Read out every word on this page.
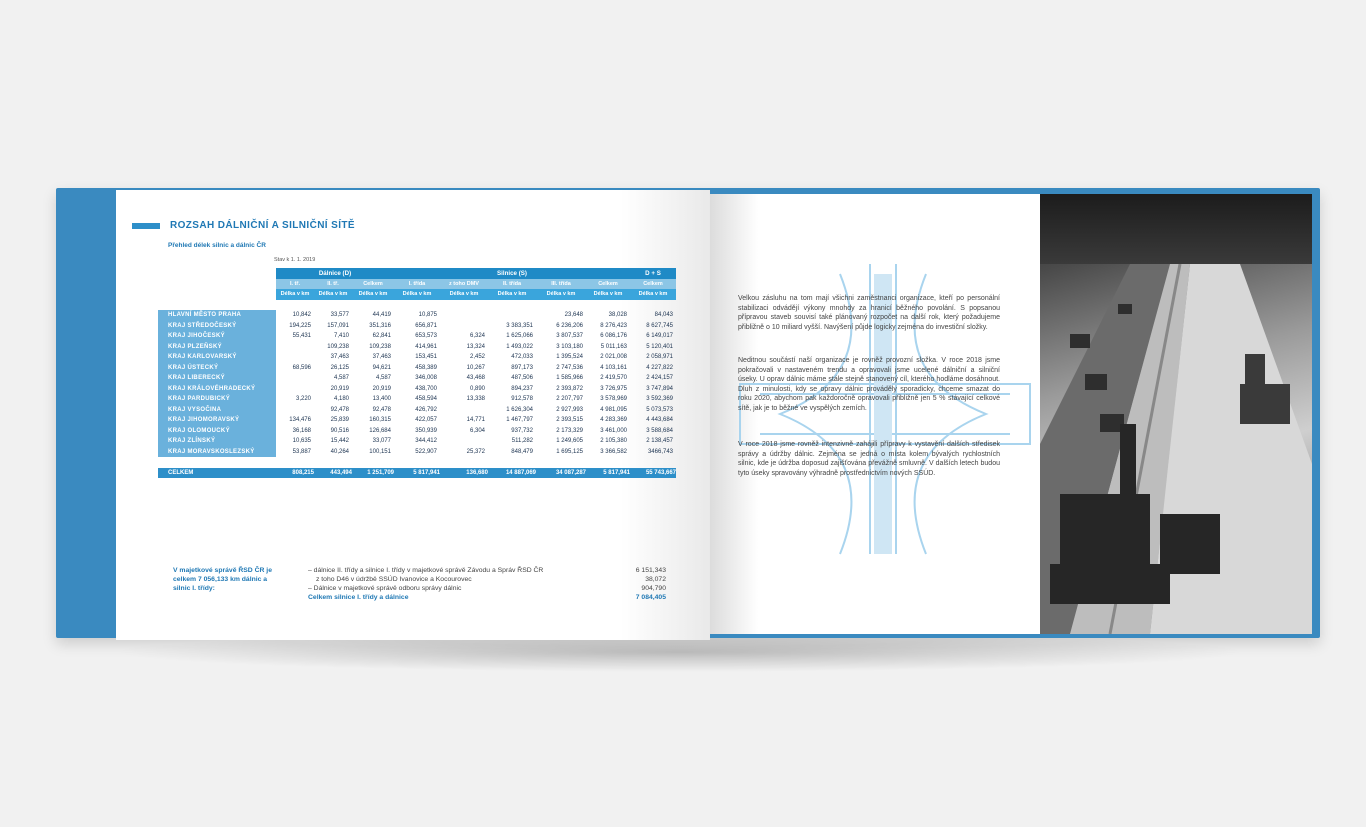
ROZSAH DÁLNIČNÍ A SILNIČNÍ SÍTĚ
Přehled délek silnic a dálnic ČR
Stav k 1. 1. 2019
	Dálnice (D)			Silnice (S)					D + S
	I. tř.	II. tř.	Celkem	I. třída	z toho DMV	II. třída	III. třída	Celkem	Celkem
	Délka v km	Délka v km	Délka v km	Délka v km	Délka v km	Délka v km	Délka v km	Délka v km	Délka v km

HLAVNÍ MĚSTO PRAHA	10,842	33,577	44,419	10,875			23,648	38,028	84,043
KRAJ STŘEDOČESKÝ	194,225	157,091	351,316	656,871		3 383,351	6 236,206	8 276,423	8 627,745
KRAJ JIHOČESKÝ	55,431	7,410	62,841	653,573	6,324	1 625,066	3 807,537	6 086,176	6 149,017
KRAJ PLZEŇSKÝ		109,238	109,238	414,961	13,324	1 493,022	3 103,180	5 011,163	5 120,401
KRAJ KARLOVARSKÝ		37,463	37,463	153,451	2,452	472,033	1 395,524	2 021,008	2 058,971
KRAJ ÚSTECKÝ	68,596	26,125	94,621	458,389	10,267	897,173	2 747,536	4 103,161	4 227,822
KRAJ LIBERECKÝ		4,587	4,587	346,008	43,468	487,506	1 585,966	2 419,570	2 424,157
KRAJ KRÁLOVÉHRADECKÝ		20,919	20,919	438,700	0,890	894,237	2 393,872	3 726,975	3 747,894
KRAJ PARDUBICKÝ	3,220	4,180	13,400	458,594	13,338	912,578	2 207,797	3 578,969	3 592,369
KRAJ VYSOČINA		92,478	92,478	426,792		1 626,304	2 927,993	4 981,095	5 073,573
KRAJ JIHOMORAVSKÝ	134,476	25,839	160,315	422,057	14,771	1 467,797	2 393,515	4 283,369	4 443,684
KRAJ OLOMOUCKÝ	36,168	90,516	126,684	350,939	6,304	937,732	2 173,329	3 461,000	3 588,684
KRAJ ZLÍNSKÝ	10,635	15,442	33,077	344,412		511,282	1 249,605	2 105,380	2 138,457
KRAJ MORAVSKOSLEZSKÝ	53,887	40,264	100,151	522,907	25,372	848,479	1 695,125	3 366,582	3466,743

CELKEM	808,215	443,494	1 251,709	5 817,941	136,680	14 887,069	34 087,287	5 817,941	55 743,667
V majetkové správě ŘSD ČR je celkem 7 056,133 km dálnic a silnic I. třídy:
– dálnice II. třídy a silnice I. třídy v majetkové správě Závodu a Správ ŘSD ČR	6 151,343
z toho D46 v údržbě SSÚD Ivanovice a Kocourovec	38,072
– Dálnice v majetkové správě odboru správy dálnic	904,790
Celkem silnice I. třídy a dálnice	7 084,405
Velkou zásluhu na tom mají všichni zaměstnanci organizace, kteří po personální stabilizaci odvádějí výkony mnohdy za hranicí běžného povolání. S popsanou přípravou staveb souvisí také plánovaný rozpočet na další rok, který požadujeme přibližně o 10 miliard vyšší. Navýšení půjde logicky zejména do investiční složky.
Neditnou součástí naší organizace je rovněž provozní složka. V roce 2018 jsme pokračovali v nastaveném trendu a opravovali jsme ucelené dálniční a silniční úseky. U oprav dálnic máme stále stejně stanovený cíl, kterého hodláme dosáhnout. Dluh z minulosti, kdy se opravy dálnic prováděly sporadicky, chceme smazat do roku 2020, abychom pak každoročně opravovali přibližně jen 5 % stávající celkové sítě, jak je to běžné ve vyspělých zemích.
V roce 2018 jsme rovněž intenzivně zahájili přípravy k vystavění dalších středisek správy a údržby dálnic. Zejména se jedná o místa kolem bývalých rychlostních silnic, kde je údržba doposud zajišťována převážně smluvně. V dalších letech budou tyto úseky spravovány výhradně prostřednictvím nových SSÚD.
